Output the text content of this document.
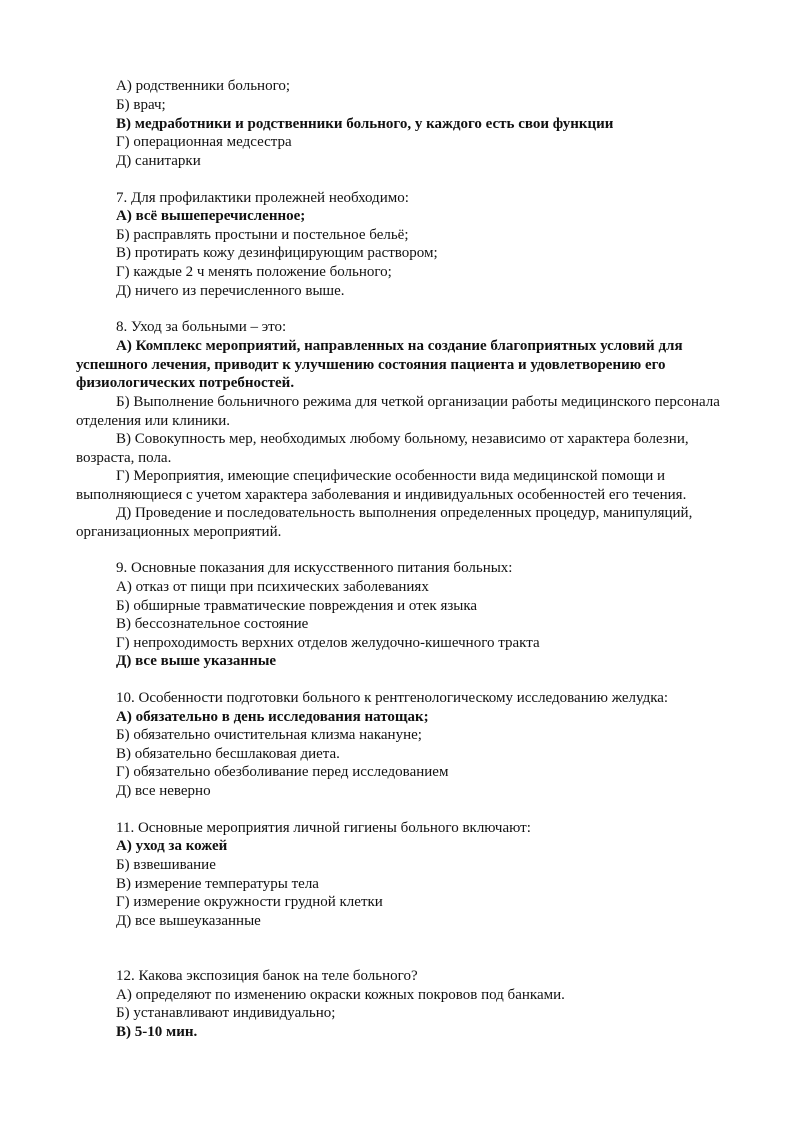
А) родственники больного;
Б) врач;
В) медработники и родственники больного, у каждого есть свои функции
Г) операционная медсестра
Д) санитарки
7. Для профилактики пролежней необходимо:
А) всё вышеперечисленное;
Б) расправлять простыни и постельное бельё;
В) протирать кожу дезинфицирующим раствором;
Г) каждые 2 ч менять положение больного;
Д) ничего из перечисленного выше.
8. Уход за больными – это:
А) Комплекс мероприятий, направленных на создание благоприятных условий для успешного лечения, приводит к улучшению состояния пациента и удовлетворению его физиологических потребностей.
Б) Выполнение больничного режима для четкой организации работы медицинского персонала отделения или клиники.
В) Совокупность мер, необходимых любому больному, независимо от характера болезни, возраста, пола.
Г) Мероприятия, имеющие специфические особенности вида медицинской помощи и выполняющиеся с учетом характера заболевания и индивидуальных особенностей его течения.
Д) Проведение и последовательность выполнения определенных процедур, манипуляций, организационных мероприятий.
9. Основные показания для искусственного питания больных:
А) отказ от пищи при психических заболеваниях
Б) обширные травматические повреждения и отек языка
В) бессознательное состояние
Г) непроходимость верхних отделов желудочно-кишечного тракта
Д) все выше указанные
10. Особенности подготовки больного к рентгенологическому исследованию желудка:
А) обязательно в день исследования натощак;
Б) обязательно очистительная клизма накануне;
В) обязательно бесшлаковая диета.
Г) обязательно обезболивание перед исследованием
Д) все неверно
11. Основные мероприятия личной гигиены больного включают:
А) уход за кожей
Б) взвешивание
В) измерение температуры тела
Г) измерение окружности грудной клетки
Д) все вышеуказанные
12. Какова экспозиция банок на теле больного?
А) определяют по изменению окраски кожных покровов под банками.
Б) устанавливают индивидуально;
В) 5-10 мин.
